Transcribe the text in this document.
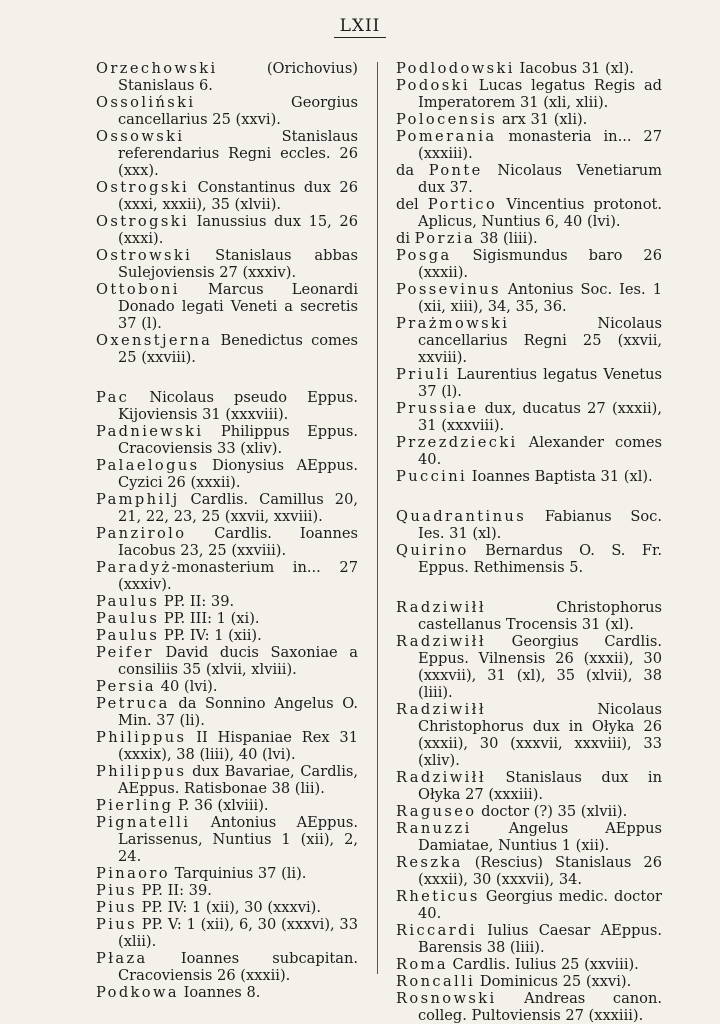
LXII

Orzechowski (Orichovius) Stanislaus 6.

Ossoliński Georgius cancellarius 25 (xxvi).

Ossowski Stanislaus referendarius Regni eccles. 26 (xxx).

Ostrogski Constantinus dux 26 (xxxi, xxxii), 35 (xlvii).

Ostrogski Ianussius dux 15, 26 (xxxi).

Ostrowski Stanislaus abbas Sulejoviensis 27 (xxxiv).

Ottoboni Marcus Leonardi Donado legati Veneti a secretis 37 (l).

Oxenstjerna Benedictus comes 25 (xxviii).

Pac Nicolaus pseudo Eppus. Kijoviensis 31 (xxxviii).

Padniewski Philippus Eppus. Cracoviensis 33 (xliv).

Palaelogus Dionysius AEppus. Cyzici 26 (xxxii).

Pamphilj Cardlis. Camillus 20, 21, 22, 23, 25 (xxvii, xxviii).

Panzirolo Cardlis. Ioannes Iacobus 23, 25 (xxviii).

Paradyż-monasterium in... 27 (xxxiv).

Paulus PP. II: 39.

Paulus PP. III: 1 (xi).

Paulus PP. IV: 1 (xii).

Peifer David ducis Saxoniae a consiliis 35 (xlvii, xlviii).

Persia 40 (lvi).

Petruca da Sonnino Angelus O. Min. 37 (li).

Philippus II Hispaniae Rex 31 (xxxix), 38 (liii), 40 (lvi).

Philippus dux Bavariae, Cardlis, AEppus. Ratisbonae 38 (lii).

Pierling P. 36 (xlviii).

Pignatelli Antonius AEppus. Larissenus, Nuntius 1 (xii), 2, 24.

Pinaoro Tarquinius 37 (li).

Pius PP. II: 39.

Pius PP. IV: 1 (xii), 30 (xxxvi).

Pius PP. V: 1 (xii), 6, 30 (xxxvi), 33 (xlii).

Płaza Ioannes subcapitan. Cracoviensis 26 (xxxii).

Podkowa Ioannes 8.

Podlodowski Iacobus 31 (xl).

Podoski Lucas legatus Regis ad Imperatorem 31 (xli, xlii).

Polocensis arx 31 (xli).

Pomerania monasteria in... 27 (xxxiii).

da Ponte Nicolaus Venetiarum dux 37.

del Portico Vincentius protonot. Aplicus, Nuntius 6, 40 (lvi).

di Porzia 38 (liii).

Posga Sigismundus baro 26 (xxxii).

Possevinus Antonius Soc. Ies. 1 (xii, xiii), 34, 35, 36.

Prażmowski Nicolaus cancellarius Regni 25 (xxvii, xxviii).

Priuli Laurentius legatus Venetus 37 (l).

Prussiae dux, ducatus 27 (xxxii), 31 (xxxviii).

Przezdziecki Alexander comes 40.

Puccini Ioannes Baptista 31 (xl).

Quadrantinus Fabianus Soc. Ies. 31 (xl).

Quirino Bernardus O. S. Fr. Eppus. Rethimensis 5.

Radziwiłł Christophorus castellanus Trocensis 31 (xl).

Radziwiłł Georgius Cardlis. Eppus. Vilnensis 26 (xxxii), 30 (xxxvii), 31 (xl), 35 (xlvii), 38 (liii).

Radziwiłł Nicolaus Christophorus dux in Ołyka 26 (xxxii), 30 (xxxvii, xxxviii), 33 (xliv).

Radziwiłł Stanislaus dux in Ołyka 27 (xxxiii).

Raguseo doctor (?) 35 (xlvii).

Ranuzzi Angelus AEppus Damiatae, Nuntius 1 (xii).

Reszka (Rescius) Stanislaus 26 (xxxii), 30 (xxxvii), 34.

Rheticus Georgius medic. doctor 40.

Riccardi Iulius Caesar AEppus. Barensis 38 (liii).

Roma Cardlis. Iulius 25 (xxviii).

Roncalli Dominicus 25 (xxvi).

Rosnowski Andreas canon. colleg. Pultoviensis 27 (xxxiii).
